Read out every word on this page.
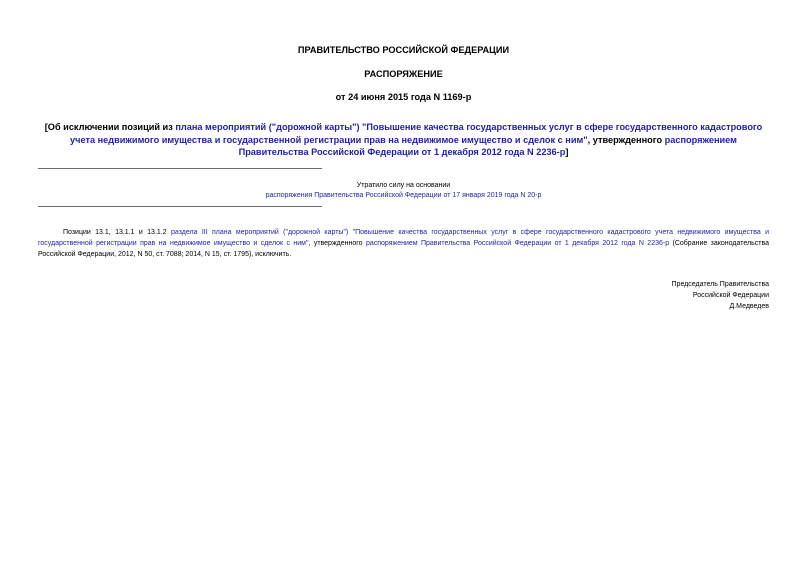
ПРАВИТЕЛЬСТВО РОССИЙСКОЙ ФЕДЕРАЦИИ
РАСПОРЯЖЕНИЕ
от 24 июня 2015 года N 1169-р
[Об исключении позиций из плана мероприятий ("дорожной карты") "Повышение качества государственных услуг в сфере государственного кадастрового учета недвижимого имущества и государственной регистрации прав на недвижимое имущество и сделок с ним", утвержденного распоряжением Правительства Российской Федерации от 1 декабря 2012 года N 2236-р]
Утратило силу на основании
распоряжения Правительства Российской Федерации от 17 января 2019 года N 20-р
Позиции 13.1, 13.1.1 и 13.1.2 раздела III плана мероприятий ("дорожной карты") "Повышение качества государственных услуг в сфере государственного кадастрового учета недвижимого имущества и государственной регистрации прав на недвижимое имущество и сделок с ним", утвержденного распоряжением Правительства Российской Федерации от 1 декабря 2012 года N 2236-р (Собрание законодательства Российской Федерации, 2012, N 50, ст. 7088; 2014, N 15, ст. 1795), исключить.
Председатель Правительства
Российской Федерации
Д.Медведев
